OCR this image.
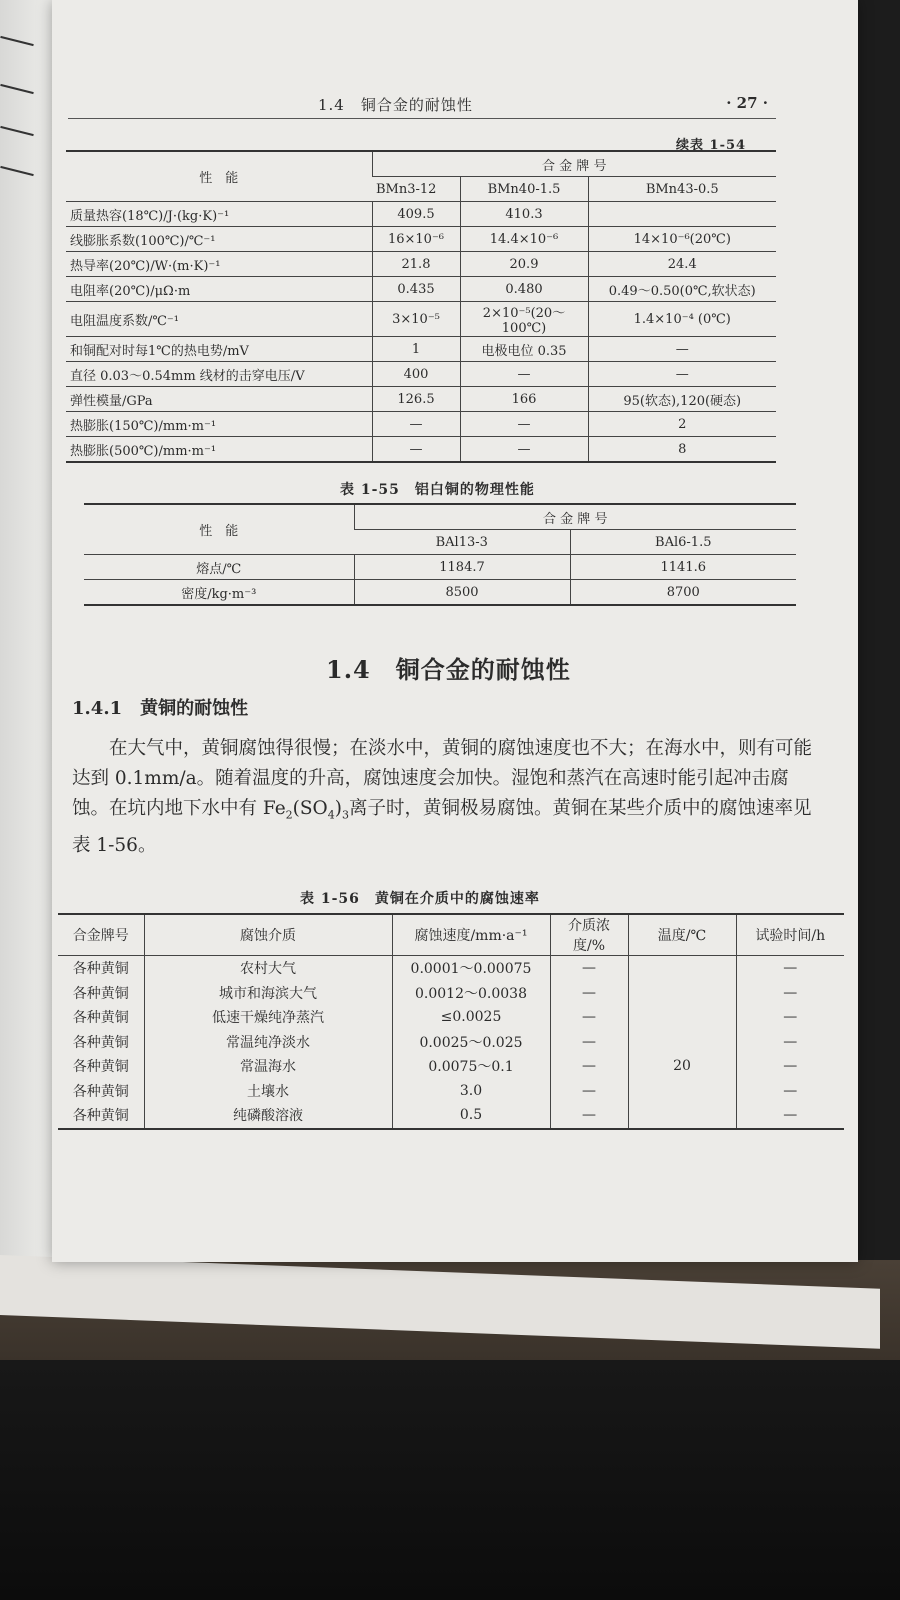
1.4　铜合金的耐蚀性	· 27 ·
续表 1-54
性　能	合 金 牌 号		
	BMn3-12	BMn40-1.5	BMn43-0.5
质量热容(18℃)/J·(kg·K)⁻¹	409.5	410.3	
线膨胀系数(100℃)/℃⁻¹	16×10⁻⁶	14.4×10⁻⁶	14×10⁻⁶(20℃)
热导率(20℃)/W·(m·K)⁻¹	21.8	20.9	24.4
电阻率(20℃)/μΩ·m	0.435	0.480	0.49～0.50(0℃,软状态)
电阻温度系数/℃⁻¹	3×10⁻⁵	2×10⁻⁵(20～100℃)	1.4×10⁻⁴ (0℃)
和铜配对时每1℃的热电势/mV	1	电极电位 0.35	—
直径 0.03～0.54mm 线材的击穿电压/V	400	—	—
弹性模量/GPa	126.5	166	95(软态),120(硬态)
热膨胀(150℃)/mm·m⁻¹	—	—	2
热膨胀(500℃)/mm·m⁻¹	—	—	8
表 1-55　铝白铜的物理性能
性　能	合 金 牌 号	
	BAl13-3	BAl6-1.5
熔点/℃	1184.7	1141.6
密度/kg·m⁻³	8500	8700
1.4　铜合金的耐蚀性
1.4.1 黄铜的耐蚀性

在大气中，黄铜腐蚀得很慢；在淡水中，黄铜的腐蚀速度也不大；在海水中，则有可能达到 0.1mm/a。随着温度的升高，腐蚀速度会加快。湿饱和蒸汽在高速时能引起冲击腐蚀。在坑内地下水中有 $Fe_2(SO_4)_3$离子时，黄铜极易腐蚀。黄铜在某些介质中的腐蚀速率见表 1-56。

表 1-56　黄铜在介质中的腐蚀速率
合金牌号	腐蚀介质	腐蚀速度/mm·a⁻¹	介质浓度/%	温度/℃	试验时间/h
各种黄铜	农村大气	0.0001～0.00075	—		—
各种黄铜	城市和海滨大气	0.0012～0.0038	—		—
各种黄铜	低速干燥纯净蒸汽	≤0.0025	—		—
各种黄铜	常温纯净淡水	0.0025～0.025	—		—
各种黄铜	常温海水	0.0075～0.1	—	20	—
各种黄铜	土壤水	3.0	—		—
各种黄铜	纯磷酸溶液	0.5	—		—
